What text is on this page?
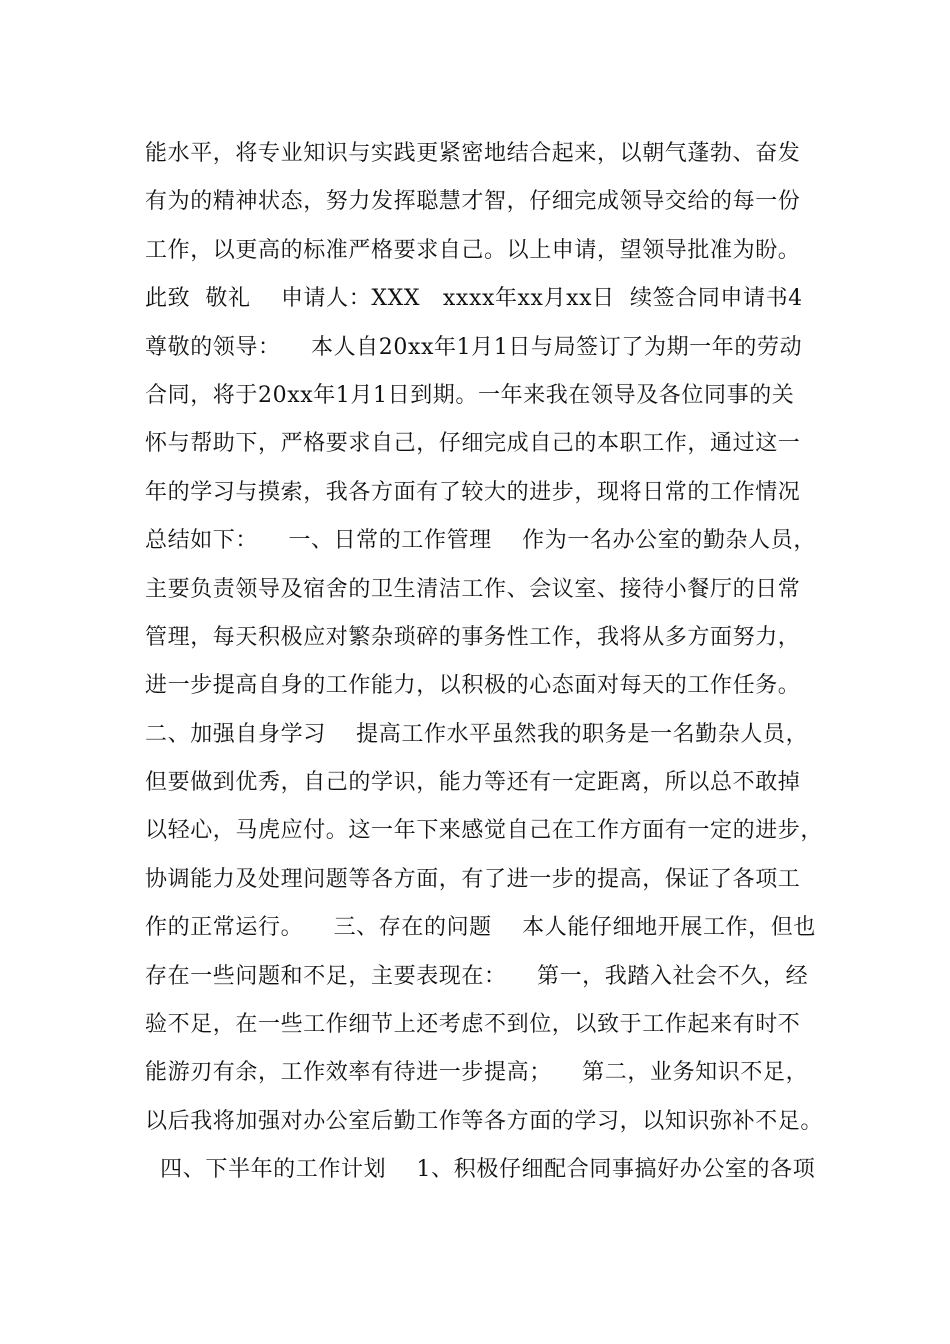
能水平，将专业知识与实践更紧密地结合起来，以朝气蓬勃、奋发
有为的精神状态，努力发挥聪慧才智，仔细完成领导交给的每一份
工作，以更高的标准严格要求自己。以上申请，望领导批准为盼。
此致  敬礼    申请人：XXX   xxxx年xx月xx日  续签合同申请书4
尊敬的领导：    本人自20xx年1月1日与局签订了为期一年的劳动
合同，将于20xx年1月1日到期。一年来我在领导及各位同事的关
怀与帮助下，严格要求自己，仔细完成自己的本职工作，通过这一
年的学习与摸索，我各方面有了较大的进步，现将日常的工作情况
总结如下：    一、日常的工作管理    作为一名办公室的勤杂人员，
主要负责领导及宿舍的卫生清洁工作、会议室、接待小餐厅的日常
管理，每天积极应对繁杂琐碎的事务性工作，我将从多方面努力，
进一步提高自身的工作能力，以积极的心态面对每天的工作任务。
二、加强自身学习    提高工作水平虽然我的职务是一名勤杂人员，
但要做到优秀，自己的学识，能力等还有一定距离，所以总不敢掉
以轻心，马虎应付。这一年下来感觉自己在工作方面有一定的进步，
协调能力及处理问题等各方面，有了进一步的提高，保证了各项工
作的正常运行。    三、存在的问题    本人能仔细地开展工作，但也
存在一些问题和不足，主要表现在：    第一，我踏入社会不久，经
验不足，在一些工作细节上还考虑不到位，以致于工作起来有时不
能游刃有余，工作效率有待进一步提高；    第二，业务知识不足，
以后我将加强对办公室后勤工作等各方面的学习，以知识弥补不足。
四、下半年的工作计划    1、积极仔细配合同事搞好办公室的各项
